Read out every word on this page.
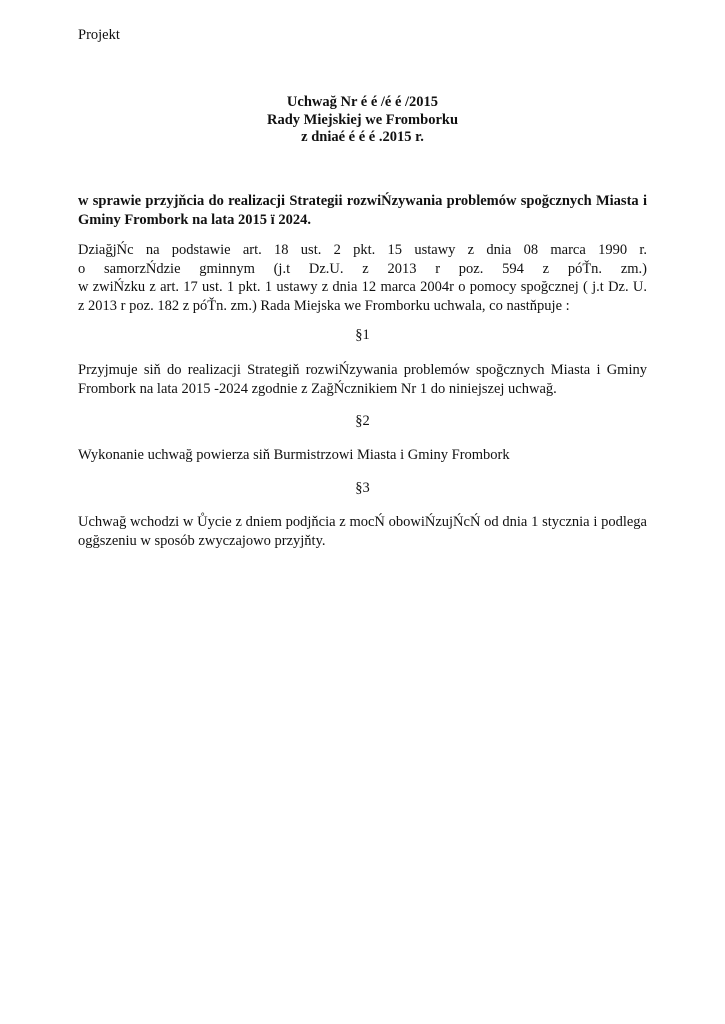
Projekt
Uchwağ Nr é é /é é /2015
Rady Miejskiej we Fromborku
z dniaé é é é .2015 r.
w sprawie przyjňcia do realizacji Strategii rozwiŃzywania problemów spoğcznych Miasta i
Gminy Frombork na lata 2015 ï 2024.
DziağjŃc na podstawie art. 18 ust. 2 pkt. 15 ustawy z dnia 08 marca 1990 r.
o samorzŃdzie gminnym (j.t Dz.U. z 2013 r poz. 594 z póŤn. zm.)
w zwiŃzku z art. 17 ust. 1 pkt. 1 ustawy z dnia 12 marca 2004r o pomocy spoğcznej ( j.t Dz. U.
z 2013 r poz. 182 z póŤn. zm.) Rada Miejska we Fromborku uchwala, co nastňpuje :
§1
Przyjmuje siň do realizacji Strategiň rozwiŃzywania problemów spoğcznych Miasta i Gminy
Frombork na lata 2015 -2024 zgodnie z ZağŃcznikiem Nr 1 do niniejszej uchwağ.
§2
Wykonanie uchwağ powierza siň Burmistrzowi Miasta i Gminy Frombork
§3
Uchwağ wchodzi w Ůycie z dniem podjňcia z mocŃ obowiŃzujŃcŃ od dnia 1 stycznia i podlega
ogğszeniu w sposób zwyczajowo przyjňty.
